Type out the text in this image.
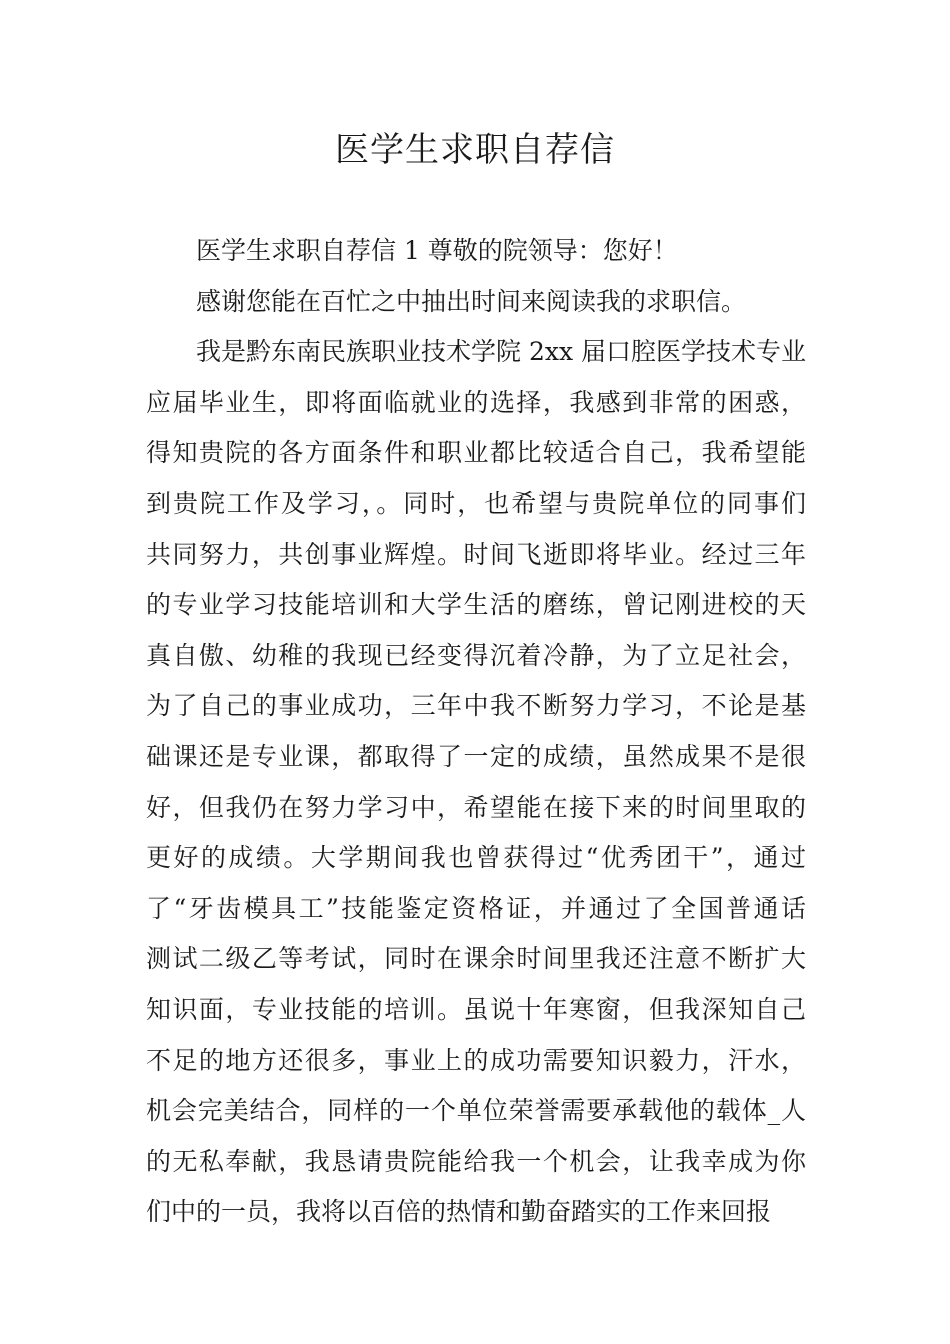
医学生求职自荐信
医学生求职自荐信 1 尊敬的院领导：您好！
感谢您能在百忙之中抽出时间来阅读我的求职信。
我是黔东南民族职业技术学院 2xx 届口腔医学技术专业
应届毕业生，即将面临就业的选择，我感到非常的困惑，
得知贵院的各方面条件和职业都比较适合自己，我希望能
到贵院工作及学习，。同时，也希望与贵院单位的同事们
共同努力，共创事业辉煌。时间飞逝即将毕业。经过三年
的专业学习技能培训和大学生活的磨练，曾记刚进校的天
真自傲、幼稚的我现已经变得沉着冷静，为了立足社会，
为了自己的事业成功，三年中我不断努力学习，不论是基
础课还是专业课，都取得了一定的成绩，虽然成果不是很
好，但我仍在努力学习中，希望能在接下来的时间里取的
更好的成绩。大学期间我也曾获得过“优秀团干”，通过
了“牙齿模具工”技能鉴定资格证，并通过了全国普通话
测试二级乙等考试，同时在课余时间里我还注意不断扩大
知识面，专业技能的培训。虽说十年寒窗，但我深知自己
不足的地方还很多，事业上的成功需要知识毅力，汗水，
机会完美结合，同样的一个单位荣誉需要承载他的载体_人
的无私奉献，我恳请贵院能给我一个机会，让我幸成为你
们中的一员，我将以百倍的热情和勤奋踏实的工作来回报
